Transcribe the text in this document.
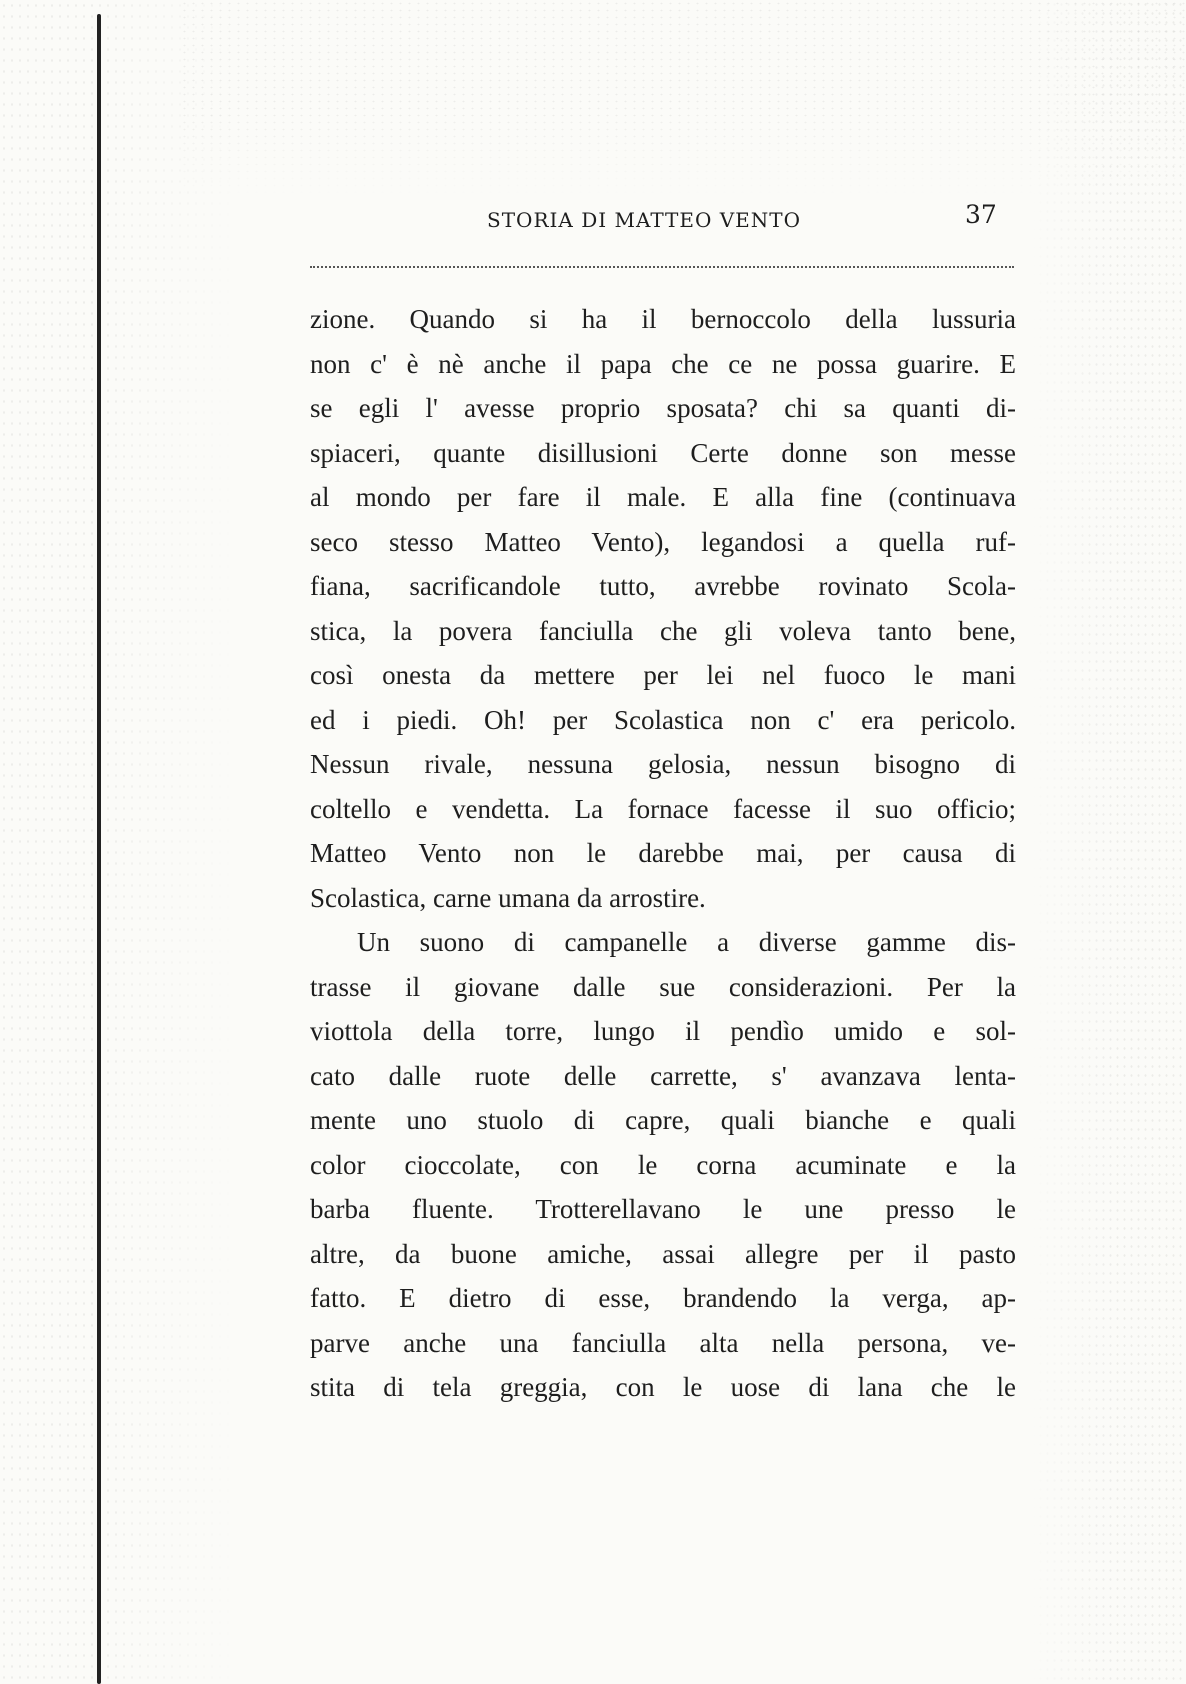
STORIA DI MATTEO VENTO	37
zione. Quando si ha il bernoccolo della lussuria
non c' è nè anche il papa che ce ne possa guarire. E
se egli l' avesse proprio sposata? chi sa quanti di-
spiaceri, quante disillusioni Certe donne son messe
al mondo per fare il male. E alla fine (continuava
seco stesso Matteo Vento), legandosi a quella ruf-
fiana, sacrificandole tutto, avrebbe rovinato Scola-
stica, la povera fanciulla che gli voleva tanto bene,
così onesta da mettere per lei nel fuoco le mani
ed i piedi. Oh! per Scolastica non c' era pericolo.
Nessun rivale, nessuna gelosia, nessun bisogno di
coltello e vendetta. La fornace facesse il suo officio;
Matteo Vento non le darebbe mai, per causa di
Scolastica, carne umana da arrostire.
Un suono di campanelle a diverse gamme dis-
trasse il giovane dalle sue considerazioni. Per la
viottola della torre, lungo il pendìo umido e sol-
cato dalle ruote delle carrette, s' avanzava lenta-
mente uno stuolo di capre, quali bianche e quali
color cioccolate, con le corna acuminate e la
barba fluente. Trotterellavano le une presso le
altre, da buone amiche, assai allegre per il pasto
fatto. E dietro di esse, brandendo la verga, ap-
parve anche una fanciulla alta nella persona, ve-
stita di tela greggia, con le uose di lana che le
